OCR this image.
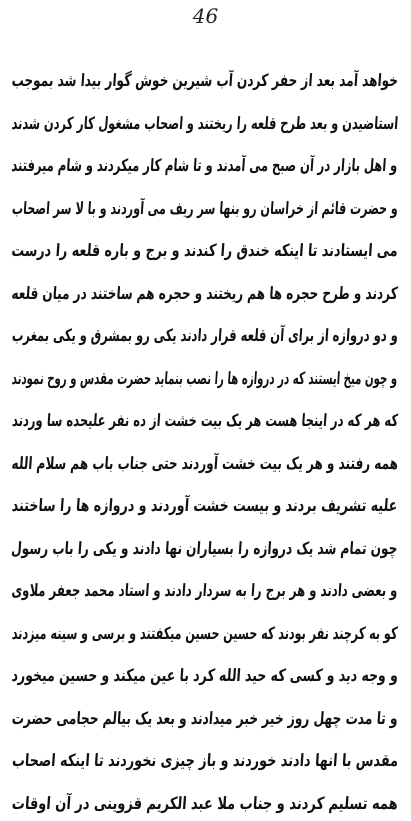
46
خواهد آمد بعد از حفر کردن آب شیرین خوش گوار بیدا شد بموجب
استاضیدن و بعد طرح قلعه را ریختند و اصحاب مشغول کار کردن شدند
و اهل بازار در آن صبح می آمدند و تا شام کار میکردند و شام میرفتند
و حضرت قائم از خراسان رو بنها سر ریف می آوردند و با لا سر اصحاب
می ایستادند تا اینکه خندق را کندند و برج و باره قلعه را درست
کردند و طرح حجره ها هم ریختند و حجره هم ساختند در میان قلعه
و دو دروازه از برای آن قلعه قرار دادند یکی رو بمشرق و یکی بمغرب
و چون میخ ایستند که در دروازه ها را نصب بنماید حضرت مقدس و روح نمودند
که هر که در اینجا هست هر یک بیت خشت از ده نفر علیحده سا وردند
همه رفتند و هر یک بیت خشت آوردند حتی جناب باب هم سلام الله
علیه تشریف بردند و بیست خشت آوردند و دروازه ها را ساختند
چون تمام شد یک دروازه را بسیاران نها دادند و یکی را باب رسول
و بعضی دادند و هر برج را به سردار دادند و استاد محمد جعفر ملاوی
کو به کرچند نفر بودند که حسین حسین میکفتند و برسی و سینه میزدند
و وجه دید و کسی که حید الله کرد با عین میکند و حسین میخورد
و تا مدت چهل روز خیر خبر میدادند و بعد یک بیالم حجامی حضرت
مقدس با انها دادند خوردند و باز چیزی نخوردند تا اینکه اصحاب
همه تسلیم کردند و جناب ملا عبد الکریم قزوینی در آن اوقات
